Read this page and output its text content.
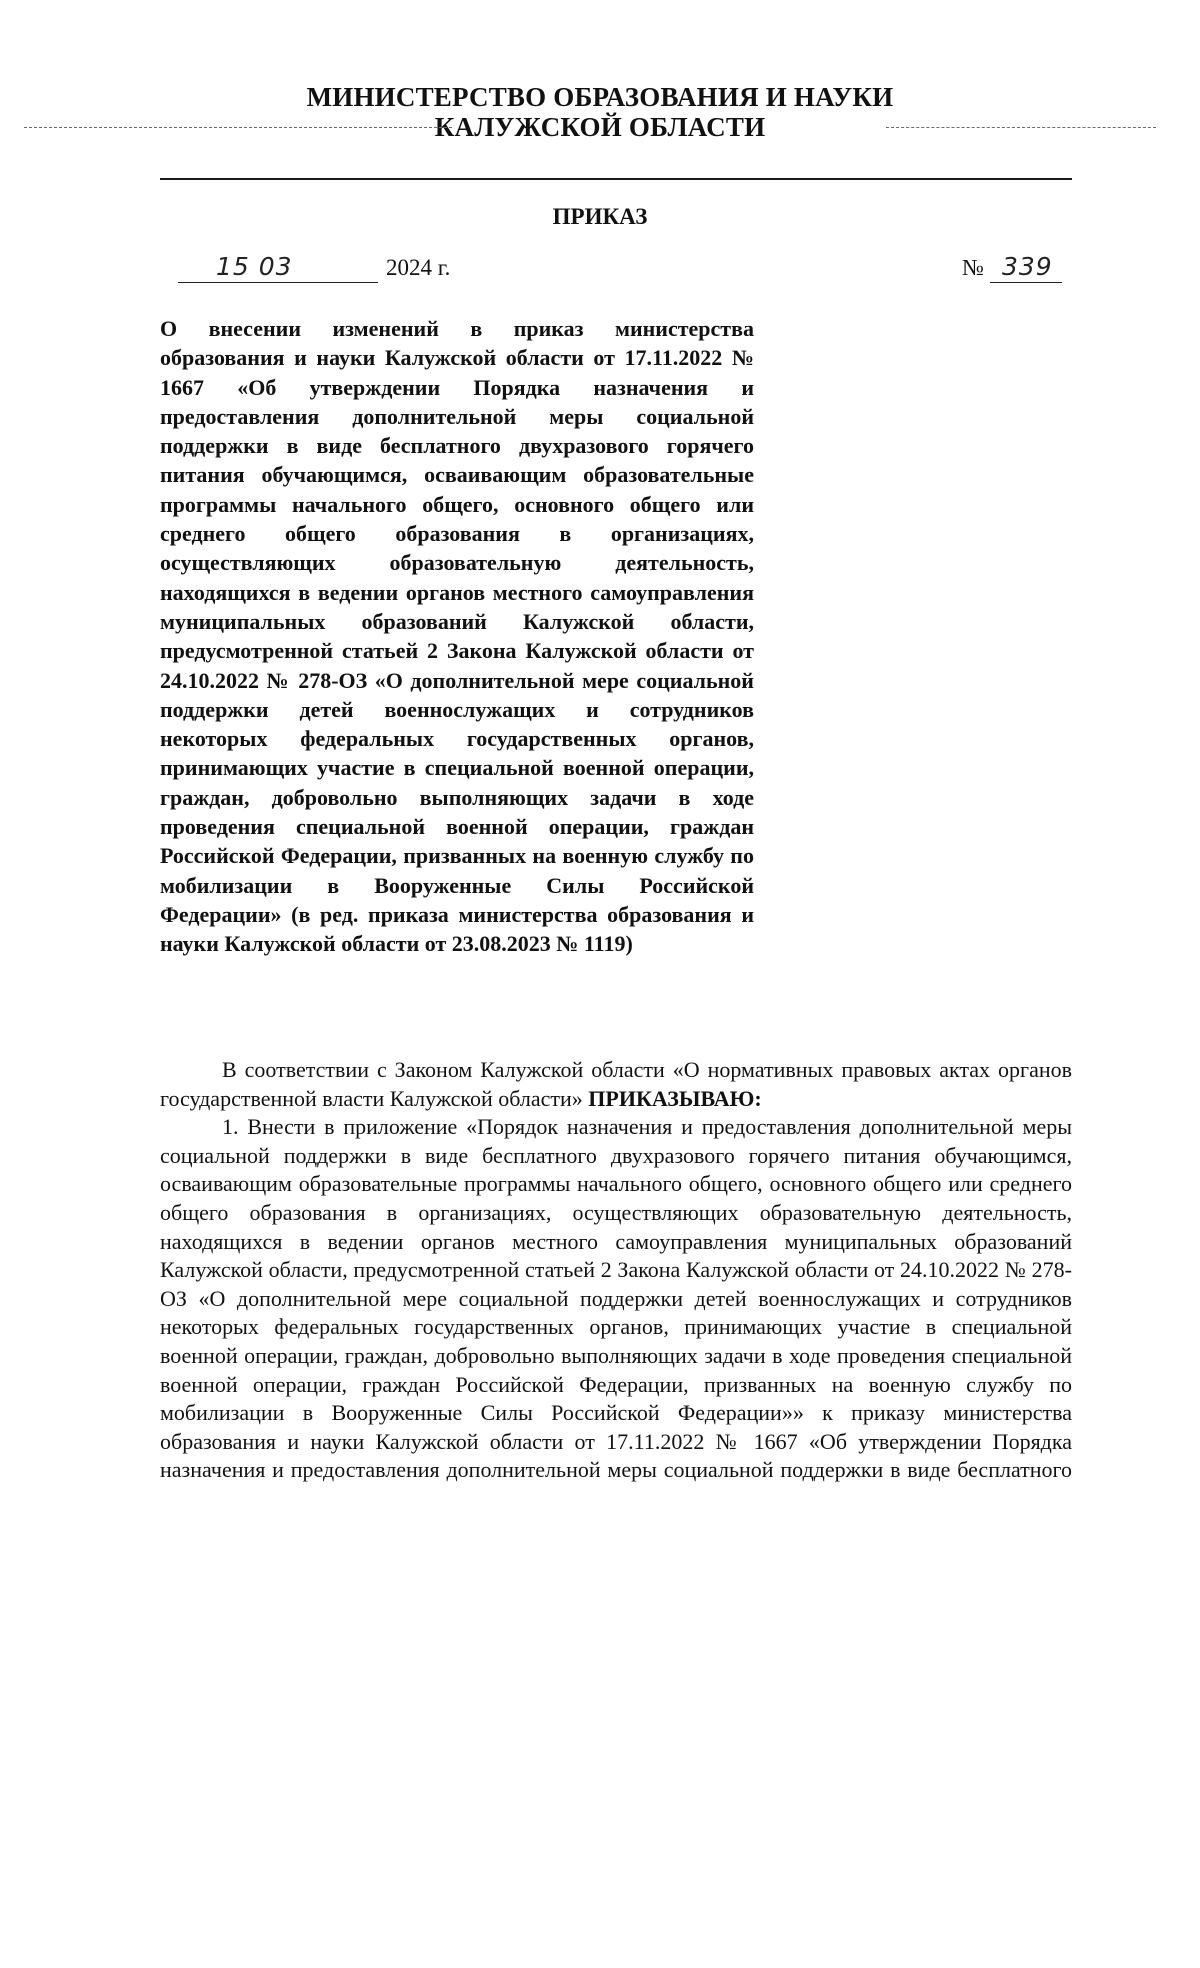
МИНИСТЕРСТВО ОБРАЗОВАНИЯ И НАУКИ
КАЛУЖСКОЙ ОБЛАСТИ
ПРИКАЗ
15 03	2024 г.	№ 339
О внесении изменений в приказ министерства образования и науки Калужской области от 17.11.2022 № 1667 «Об утверждении Порядка назначения и предоставления дополнительной меры социальной поддержки в виде бесплатного двухразового горячего питания обучающимся, осваивающим образовательные программы начального общего, основного общего или среднего общего образования в организациях, осуществляющих образовательную деятельность, находящихся в ведении органов местного самоуправления муниципальных образований Калужской области, предусмотренной статьей 2 Закона Калужской области от 24.10.2022 № 278-ОЗ «О дополнительной мере социальной поддержки детей военнослужащих и сотрудников некоторых федеральных государственных органов, принимающих участие в специальной военной операции, граждан, добровольно выполняющих задачи в ходе проведения специальной военной операции, граждан Российской Федерации, призванных на военную службу по мобилизации в Вооруженные Силы Российской Федерации» (в ред. приказа министерства образования и науки Калужской области от 23.08.2023 № 1119)

В соответствии с Законом Калужской области «О нормативных правовых актах органов государственной власти Калужской области» ПРИКАЗЫВАЮ:

1. Внести в приложение «Порядок назначения и предоставления дополнительной меры социальной поддержки в виде бесплатного двухразового горячего питания обучающимся, осваивающим образовательные программы начального общего, основного общего или среднего общего образования в организациях, осуществляющих образовательную деятельность, находящихся в ведении органов местного самоуправления муниципальных образований Калужской области, предусмотренной статьей 2 Закона Калужской области от 24.10.2022 № 278-ОЗ «О дополнительной мере социальной поддержки детей военнослужащих и сотрудников некоторых федеральных государственных органов, принимающих участие в специальной военной операции, граждан, добровольно выполняющих задачи в ходе проведения специальной военной операции, граждан Российской Федерации, призванных на военную службу по мобилизации в Вооруженные Силы Российской Федерации»» к приказу министерства образования и науки Калужской области от 17.11.2022 № 1667 «Об утверждении Порядка назначения и предоставления дополнительной меры социальной поддержки в виде бесплатного
